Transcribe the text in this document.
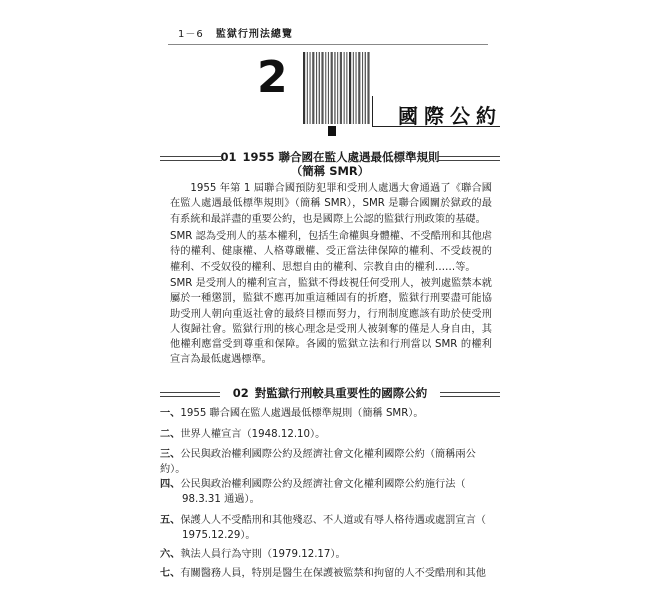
1－6 監獄行刑法總覽
2
國際公約
01 1955 聯合國在監人處遇最低標準規則
（簡稱 SMR）
1955 年第 1 屆聯合國預防犯罪和受刑人處遇大會通過了《聯合國在監人處遇最低標準規則》（簡稱 SMR），SMR 是聯合國關於獄政的最有系統和最詳盡的重要公約，也是國際上公認的監獄行刑政策的基礎。
SMR 認為受刑人的基本權利，包括生命權與身體權、不受酷刑和其他虐待的權利、健康權、人格尊嚴權、受正當法律保障的權利、不受歧視的權利、不受奴役的權利、思想自由的權利、宗教自由的權利……等。
SMR 是受刑人的權利宣言，監獄不得歧視任何受刑人，被判處監禁本就屬於一種懲罰，監獄不應再加重這種固有的折磨，監獄行刑要盡可能協助受刑人朝向重返社會的最終目標而努力，行刑制度應該有助於使受刑人復歸社會。監獄行刑的核心理念是受刑人被剝奪的僅是人身自由，其他權利應當受到尊重和保障。各國的監獄立法和行刑當以 SMR 的權利宣言為最低處遇標準。
02 對監獄行刑較具重要性的國際公約
一、1955 聯合國在監人處遇最低標準規則（簡稱 SMR）。
二、世界人權宣言（1948.12.10）。
三、公民與政治權利國際公約及經濟社會文化權利國際公約（簡稱兩公約）。
四、公民與政治權利國際公約及經濟社會文化權利國際公約施行法（
98.3.31 通過）。
五、保護人人不受酷刑和其他殘忍、不人道或有辱人格待遇或處罰宣言（
1975.12.29）。
六、執法人員行為守則（1979.12.17）。
七、有關醫務人員，特別是醫生在保護被監禁和拘留的人不受酷刑和其他
